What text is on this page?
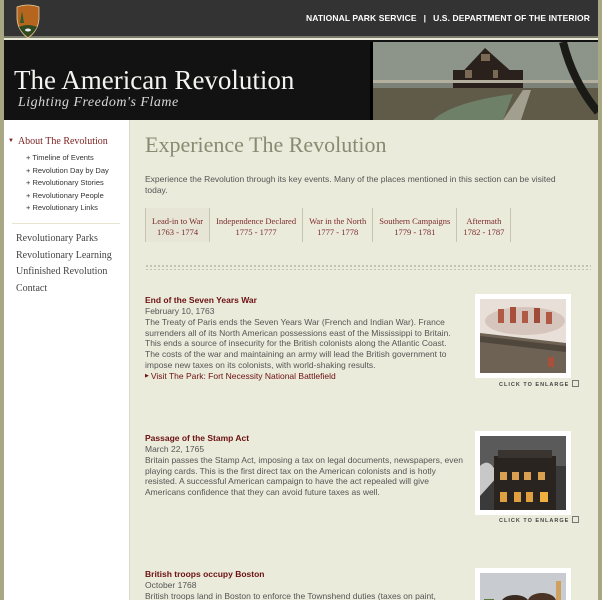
NATIONAL PARK SERVICE | U.S. DEPARTMENT OF THE INTERIOR
The American Revolution
Lighting Freedom's Flame
▼ About The Revolution
+ Timeline of Events
+ Revolution Day by Day
+ Revolutionary Stories
+ Revolutionary People
+ Revolutionary Links
Revolutionary Parks
Revolutionary Learning
Unfinished Revolution
Contact
Experience The Revolution
Experience the Revolution through its key events. Many of the places mentioned in this section can be visited today.
Lead-in to War
1763 - 1774
Independence Declared
1775 - 1777
War in the North
1777 - 1778
Southern Campaigns
1779 - 1781
Aftermath
1782 - 1787
End of the Seven Years War
February 10, 1763
The Treaty of Paris ends the Seven Years War (French and Indian War). France surrenders all of its North American possessions east of the Mississippi to Britain. This ends a source of insecurity for the British colonists along the Atlantic Coast. The costs of the war and maintaining an army will lead the British government to impose new taxes on its colonists, with world-shaking results.
▶ Visit The Park: Fort Necessity National Battlefield
CLICK TO ENLARGE
Passage of the Stamp Act
March 22, 1765
Britain passes the Stamp Act, imposing a tax on legal documents, newspapers, even playing cards. This is the first direct tax on the American colonists and is hotly resisted. A successful American campaign to have the act repealed will give Americans confidence that they can avoid future taxes as well.
CLICK TO ENLARGE
British troops occupy Boston
October 1768
British troops land in Boston to enforce the Townshend duties (taxes on paint,
